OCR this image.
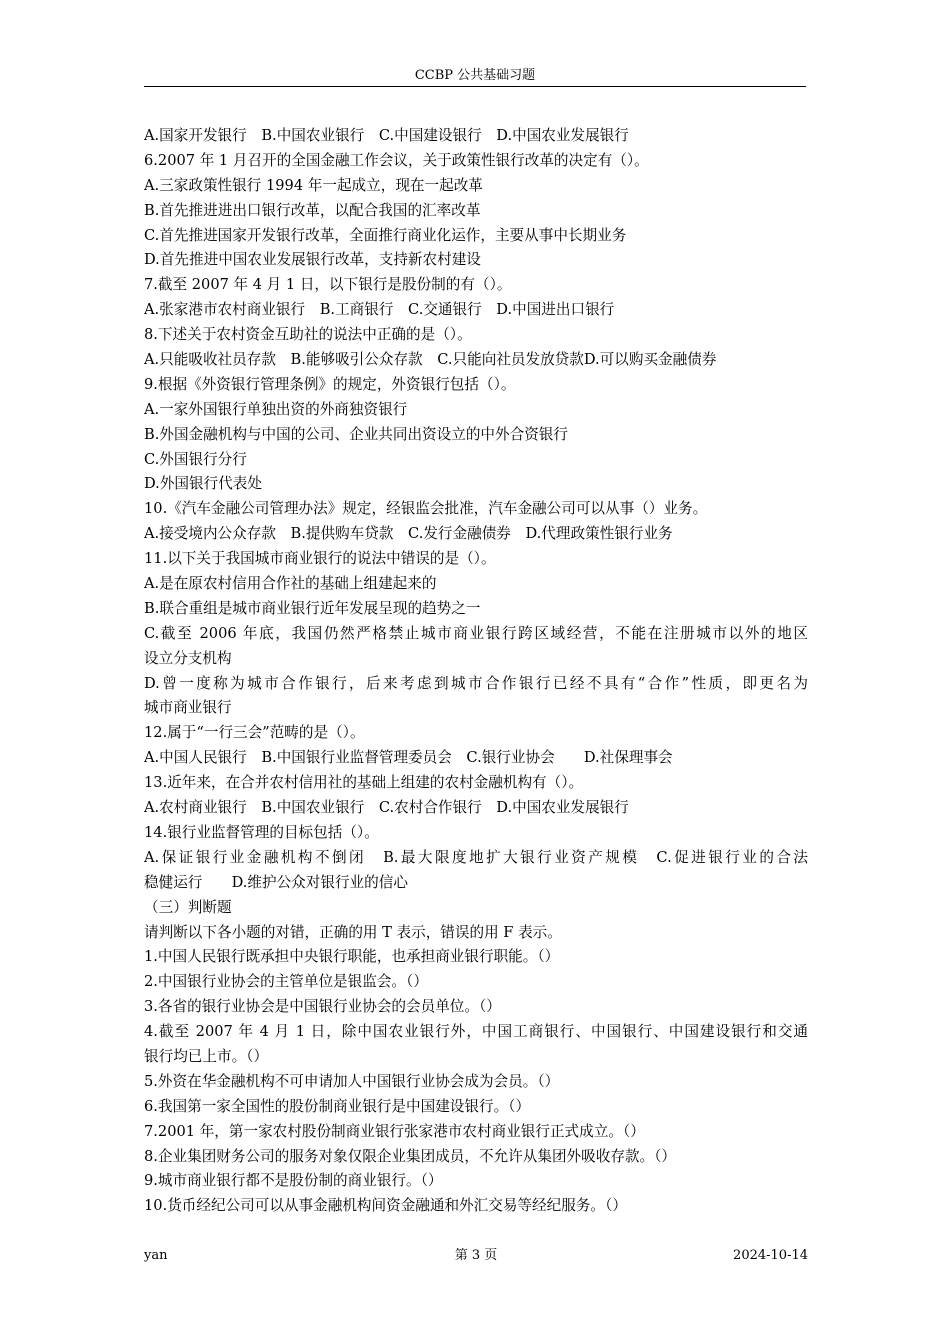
CCBP 公共基础习题
A.国家开发银行　B.中国农业银行　C.中国建设银行　D.中国农业发展银行
6.2007 年 1 月召开的全国金融工作会议，关于政策性银行改革的决定有（）。
A.三家政策性银行 1994 年一起成立，现在一起改革
B.首先推进进出口银行改革，以配合我国的汇率改革
C.首先推进国家开发银行改革，全面推行商业化运作，主要从事中长期业务
D.首先推进中国农业发展银行改革，支持新农村建设
7.截至 2007 年 4 月 1 日，以下银行是股份制的有（）。
A.张家港市农村商业银行　B.工商银行　C.交通银行　D.中国进出口银行
8.下述关于农村资金互助社的说法中正确的是（）。
A.只能吸收社员存款　B.能够吸引公众存款　C.只能向社员发放贷款D.可以购买金融债券
9.根据《外资银行管理条例》的规定，外资银行包括（）。
A.一家外国银行单独出资的外商独资银行
B.外国金融机构与中国的公司、企业共同出资设立的中外合资银行
C.外国银行分行
D.外国银行代表处
10.《汽车金融公司管理办法》规定，经银监会批准，汽车金融公司可以从事（）业务。
A.接受境内公众存款　B.提供购车贷款　C.发行金融债券　D.代理政策性银行业务
11.以下关于我国城市商业银行的说法中错误的是（）。
A.是在原农村信用合作社的基础上组建起来的
B.联合重组是城市商业银行近年发展呈现的趋势之一
C.截至 2006 年底，我国仍然严格禁止城市商业银行跨区域经营，不能在注册城市以外的地区
设立分支机构
D.曾一度称为城市合作银行，后来考虑到城市合作银行已经不具有“合作”性质，即更名为
城市商业银行
12.属于“一行三会”范畴的是（）。
A.中国人民银行　B.中国银行业监督管理委员会　C.银行业协会　　D.社保理事会
13.近年来，在合并农村信用社的基础上组建的农村金融机构有（）。
A.农村商业银行　B.中国农业银行　C.农村合作银行　D.中国农业发展银行
14.银行业监督管理的目标包括（）。
A.保证银行业金融机构不倒闭　B.最大限度地扩大银行业资产规模　C.促进银行业的合法
稳健运行　　D.维护公众对银行业的信心
（三）判断题
请判断以下各小题的对错，正确的用 T 表示，错误的用 F 表示。
1.中国人民银行既承担中央银行职能，也承担商业银行职能。（）
2.中国银行业协会的主管单位是银监会。（）
3.各省的银行业协会是中国银行业协会的会员单位。（）
4.截至 2007 年 4 月 1 日，除中国农业银行外，中国工商银行、中国银行、中国建设银行和交通
银行均已上市。（）
5.外资在华金融机构不可申请加人中国银行业协会成为会员。（）
6.我国第一家全国性的股份制商业银行是中国建设银行。（）
7.2001 年，第一家农村股份制商业银行张家港市农村商业银行正式成立。（）
8.企业集团财务公司的服务对象仅限企业集团成员，不允许从集团外吸收存款。（）
9.城市商业银行都不是股份制的商业银行。（）
10.货币经纪公司可以从事金融机构间资金融通和外汇交易等经纪服务。（）
yan	第 3 页	2024-10-14
